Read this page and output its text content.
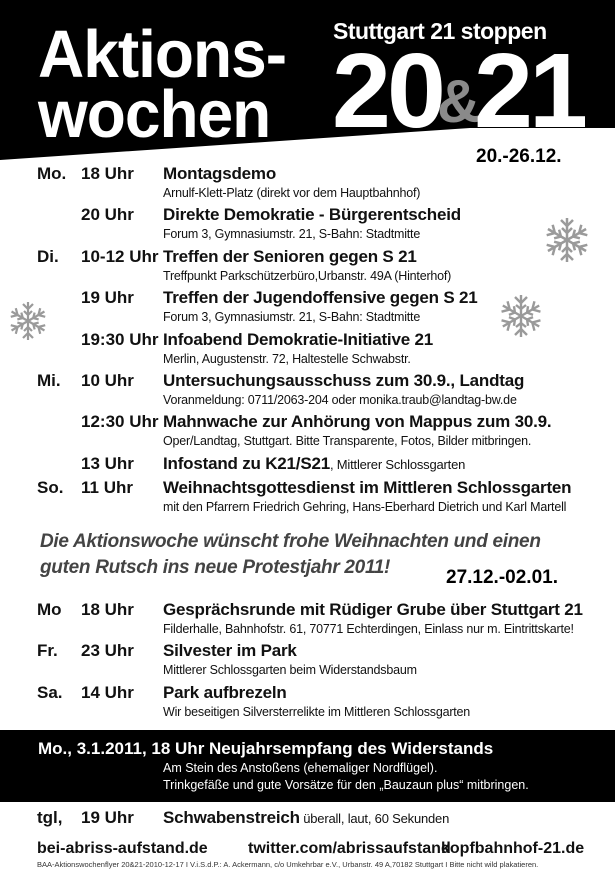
Aktions-
wochen
Stuttgart 21 stoppen
20
&
21
20.-26.12.
Mo. 18 Uhr Montagsdemo
Arnulf-Klett-Platz (direkt vor dem Hauptbahnhof)
20 Uhr Direkte Demokratie - Bürgerentscheid
Forum 3, Gymnasiumstr. 21, S-Bahn: Stadtmitte
Di. 10-12 Uhr Treffen der Senioren gegen S 21
Treffpunkt Parkschützerbüro,Urbanstr. 49A (Hinterhof)
19 Uhr Treffen der Jugendoffensive gegen S 21
Forum 3, Gymnasiumstr. 21, S-Bahn: Stadtmitte
19:30 Uhr Infoabend Demokratie-Initiative 21
Merlin, Augustenstr. 72, Haltestelle Schwabstr.
Mi. 10 Uhr Untersuchungsausschuss zum 30.9., Landtag
Voranmeldung: 0711/2063-204 oder monika.traub@landtag-bw.de
12:30 Uhr Mahnwache zur Anhörung von Mappus zum 30.9.
Oper/Landtag, Stuttgart. Bitte Transparente, Fotos, Bilder mitbringen.
13 Uhr Infostand zu K21/S21, Mittlerer Schlossgarten
So. 11 Uhr Weihnachtsgottesdienst im Mittleren Schlossgarten
mit den Pfarrern Friedrich Gehring, Hans-Eberhard Dietrich und Karl Martell
Die Aktionswoche wünscht frohe Weihnachten und einen
guten Rutsch ins neue Protestjahr 2011!	27.12.-02.01.
Mo 18 Uhr Gesprächsrunde mit Rüdiger Grube über Stuttgart 21
Filderhalle, Bahnhofstr. 61, 70771 Echterdingen, Einlass nur m. Eintrittskarte!
Fr. 23 Uhr Silvester im Park
Mittlerer Schlossgarten beim Widerstandsbaum
Sa. 14 Uhr Park aufbrezeln
Wir beseitigen Silversterrelikte im Mittleren Schlossgarten
Mo., 3.1.2011, 18 Uhr Neujahrsempfang des Widerstands
Am Stein des Anstoßens (ehemaliger Nordflügel).
Trinkgefäße und gute Vorsätze für den „Bauzaun plus“ mitbringen.
tgl, 19 Uhr Schwabenstreich überall, laut, 60 Sekunden
bei-abriss-aufstand.de	twitter.com/abrissaufstand
kopfbahnhof-21.de
BAA-Aktionswochenflyer 20&21-2010-12-17 I V.i.S.d.P.: A. Ackermann, c/o Umkehrbar e.V., Urbanstr. 49 A,70182 Stuttgart I Bitte nicht wild plakatieren.
